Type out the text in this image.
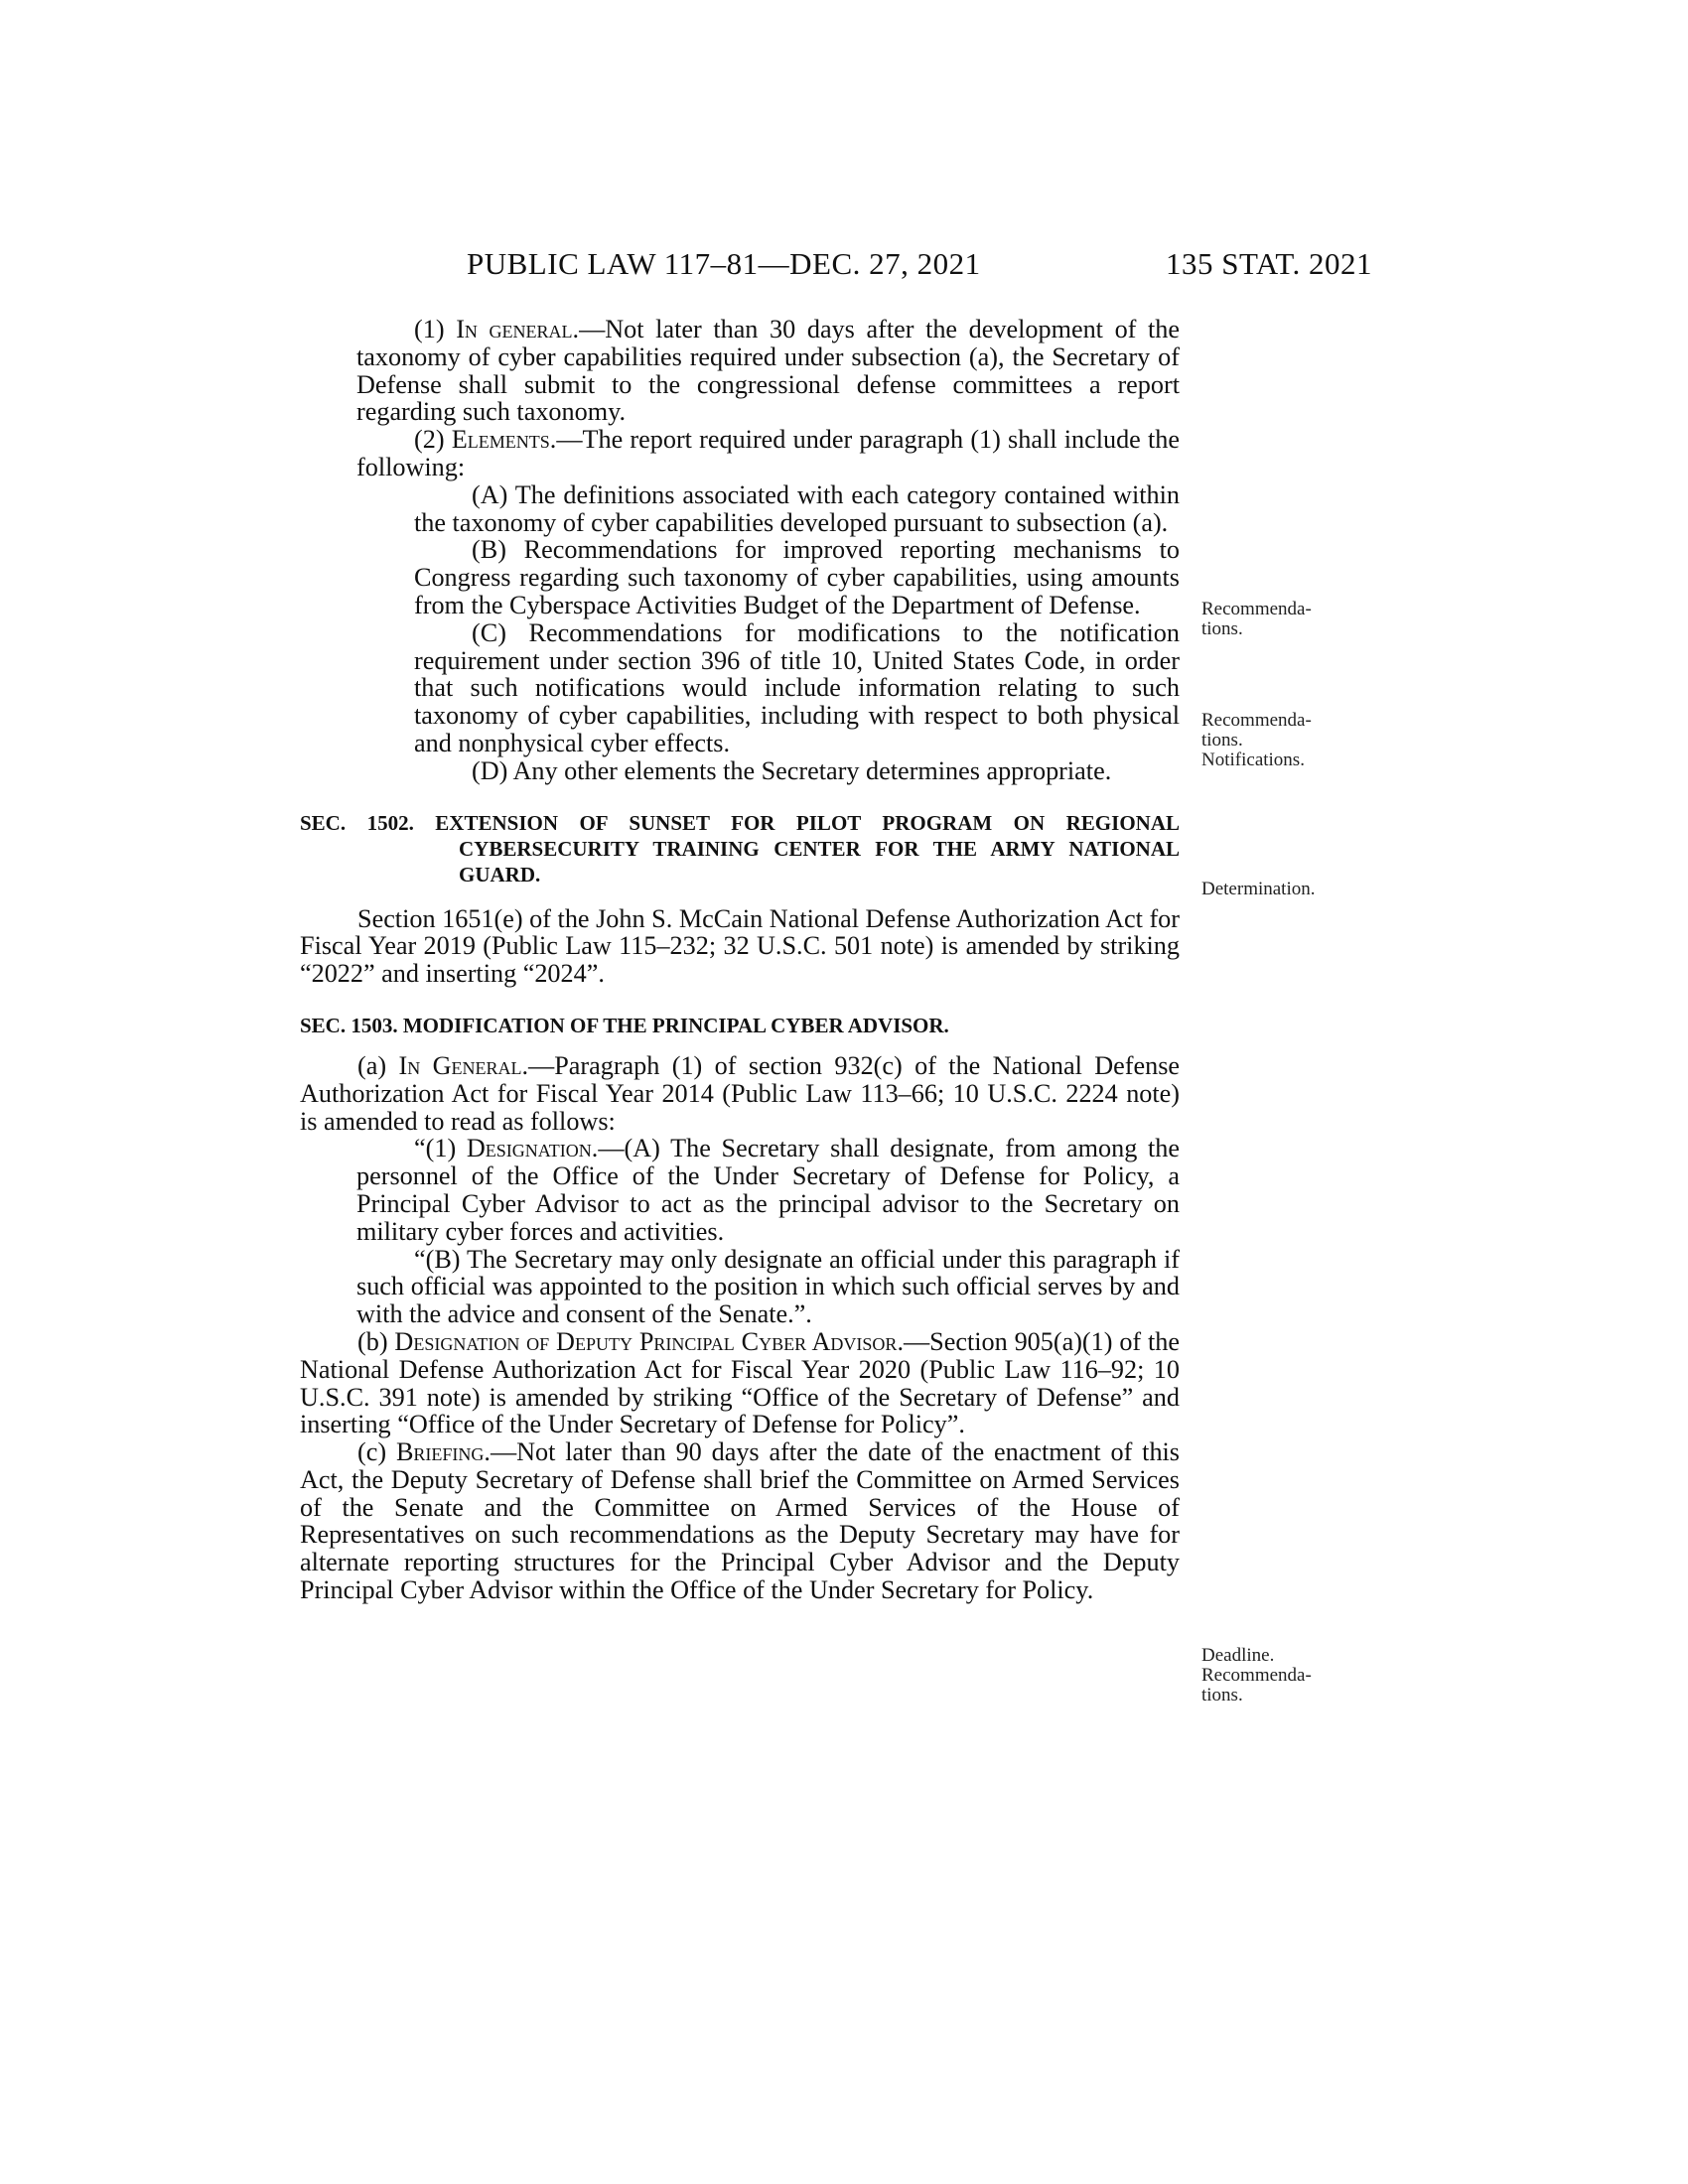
PUBLIC LAW 117–81—DEC. 27, 2021	135 STAT. 2021

(1) In general.—Not later than 30 days after the development of the taxonomy of cyber capabilities required under subsection (a), the Secretary of Defense shall submit to the congressional defense committees a report regarding such taxonomy.

(2) Elements.—The report required under paragraph (1) shall include the following:

(A) The definitions associated with each category contained within the taxonomy of cyber capabilities developed pursuant to subsection (a).

(B) Recommendations for improved reporting mechanisms to Congress regarding such taxonomy of cyber capabilities, using amounts from the Cyberspace Activities Budget of the Department of Defense.

(C) Recommendations for modifications to the notification requirement under section 396 of title 10, United States Code, in order that such notifications would include information relating to such taxonomy of cyber capabilities, including with respect to both physical and nonphysical cyber effects.

(D) Any other elements the Secretary determines appropriate.

SEC. 1502. EXTENSION OF SUNSET FOR PILOT PROGRAM ON REGIONAL CYBERSECURITY TRAINING CENTER FOR THE ARMY NATIONAL GUARD.

Section 1651(e) of the John S. McCain National Defense Authorization Act for Fiscal Year 2019 (Public Law 115–232; 32 U.S.C. 501 note) is amended by striking “2022” and inserting “2024”.

SEC. 1503. MODIFICATION OF THE PRINCIPAL CYBER ADVISOR.

(a) In General.—Paragraph (1) of section 932(c) of the National Defense Authorization Act for Fiscal Year 2014 (Public Law 113–66; 10 U.S.C. 2224 note) is amended to read as follows:

“(1) Designation.—(A) The Secretary shall designate, from among the personnel of the Office of the Under Secretary of Defense for Policy, a Principal Cyber Advisor to act as the principal advisor to the Secretary on military cyber forces and activities.

“(B) The Secretary may only designate an official under this paragraph if such official was appointed to the position in which such official serves by and with the advice and consent of the Senate.”.

(b) Designation of Deputy Principal Cyber Advisor.—Section 905(a)(1) of the National Defense Authorization Act for Fiscal Year 2020 (Public Law 116–92; 10 U.S.C. 391 note) is amended by striking “Office of the Secretary of Defense” and inserting “Office of the Under Secretary of Defense for Policy”.

(c) Briefing.—Not later than 90 days after the date of the enactment of this Act, the Deputy Secretary of Defense shall brief the Committee on Armed Services of the Senate and the Committee on Armed Services of the House of Representatives on such recommendations as the Deputy Secretary may have for alternate reporting structures for the Principal Cyber Advisor and the Deputy Principal Cyber Advisor within the Office of the Under Secretary for Policy.

Recommenda-
tions.
Recommenda-
tions.
Notifications.
Determination.
Deadline.
Recommenda-
tions.
